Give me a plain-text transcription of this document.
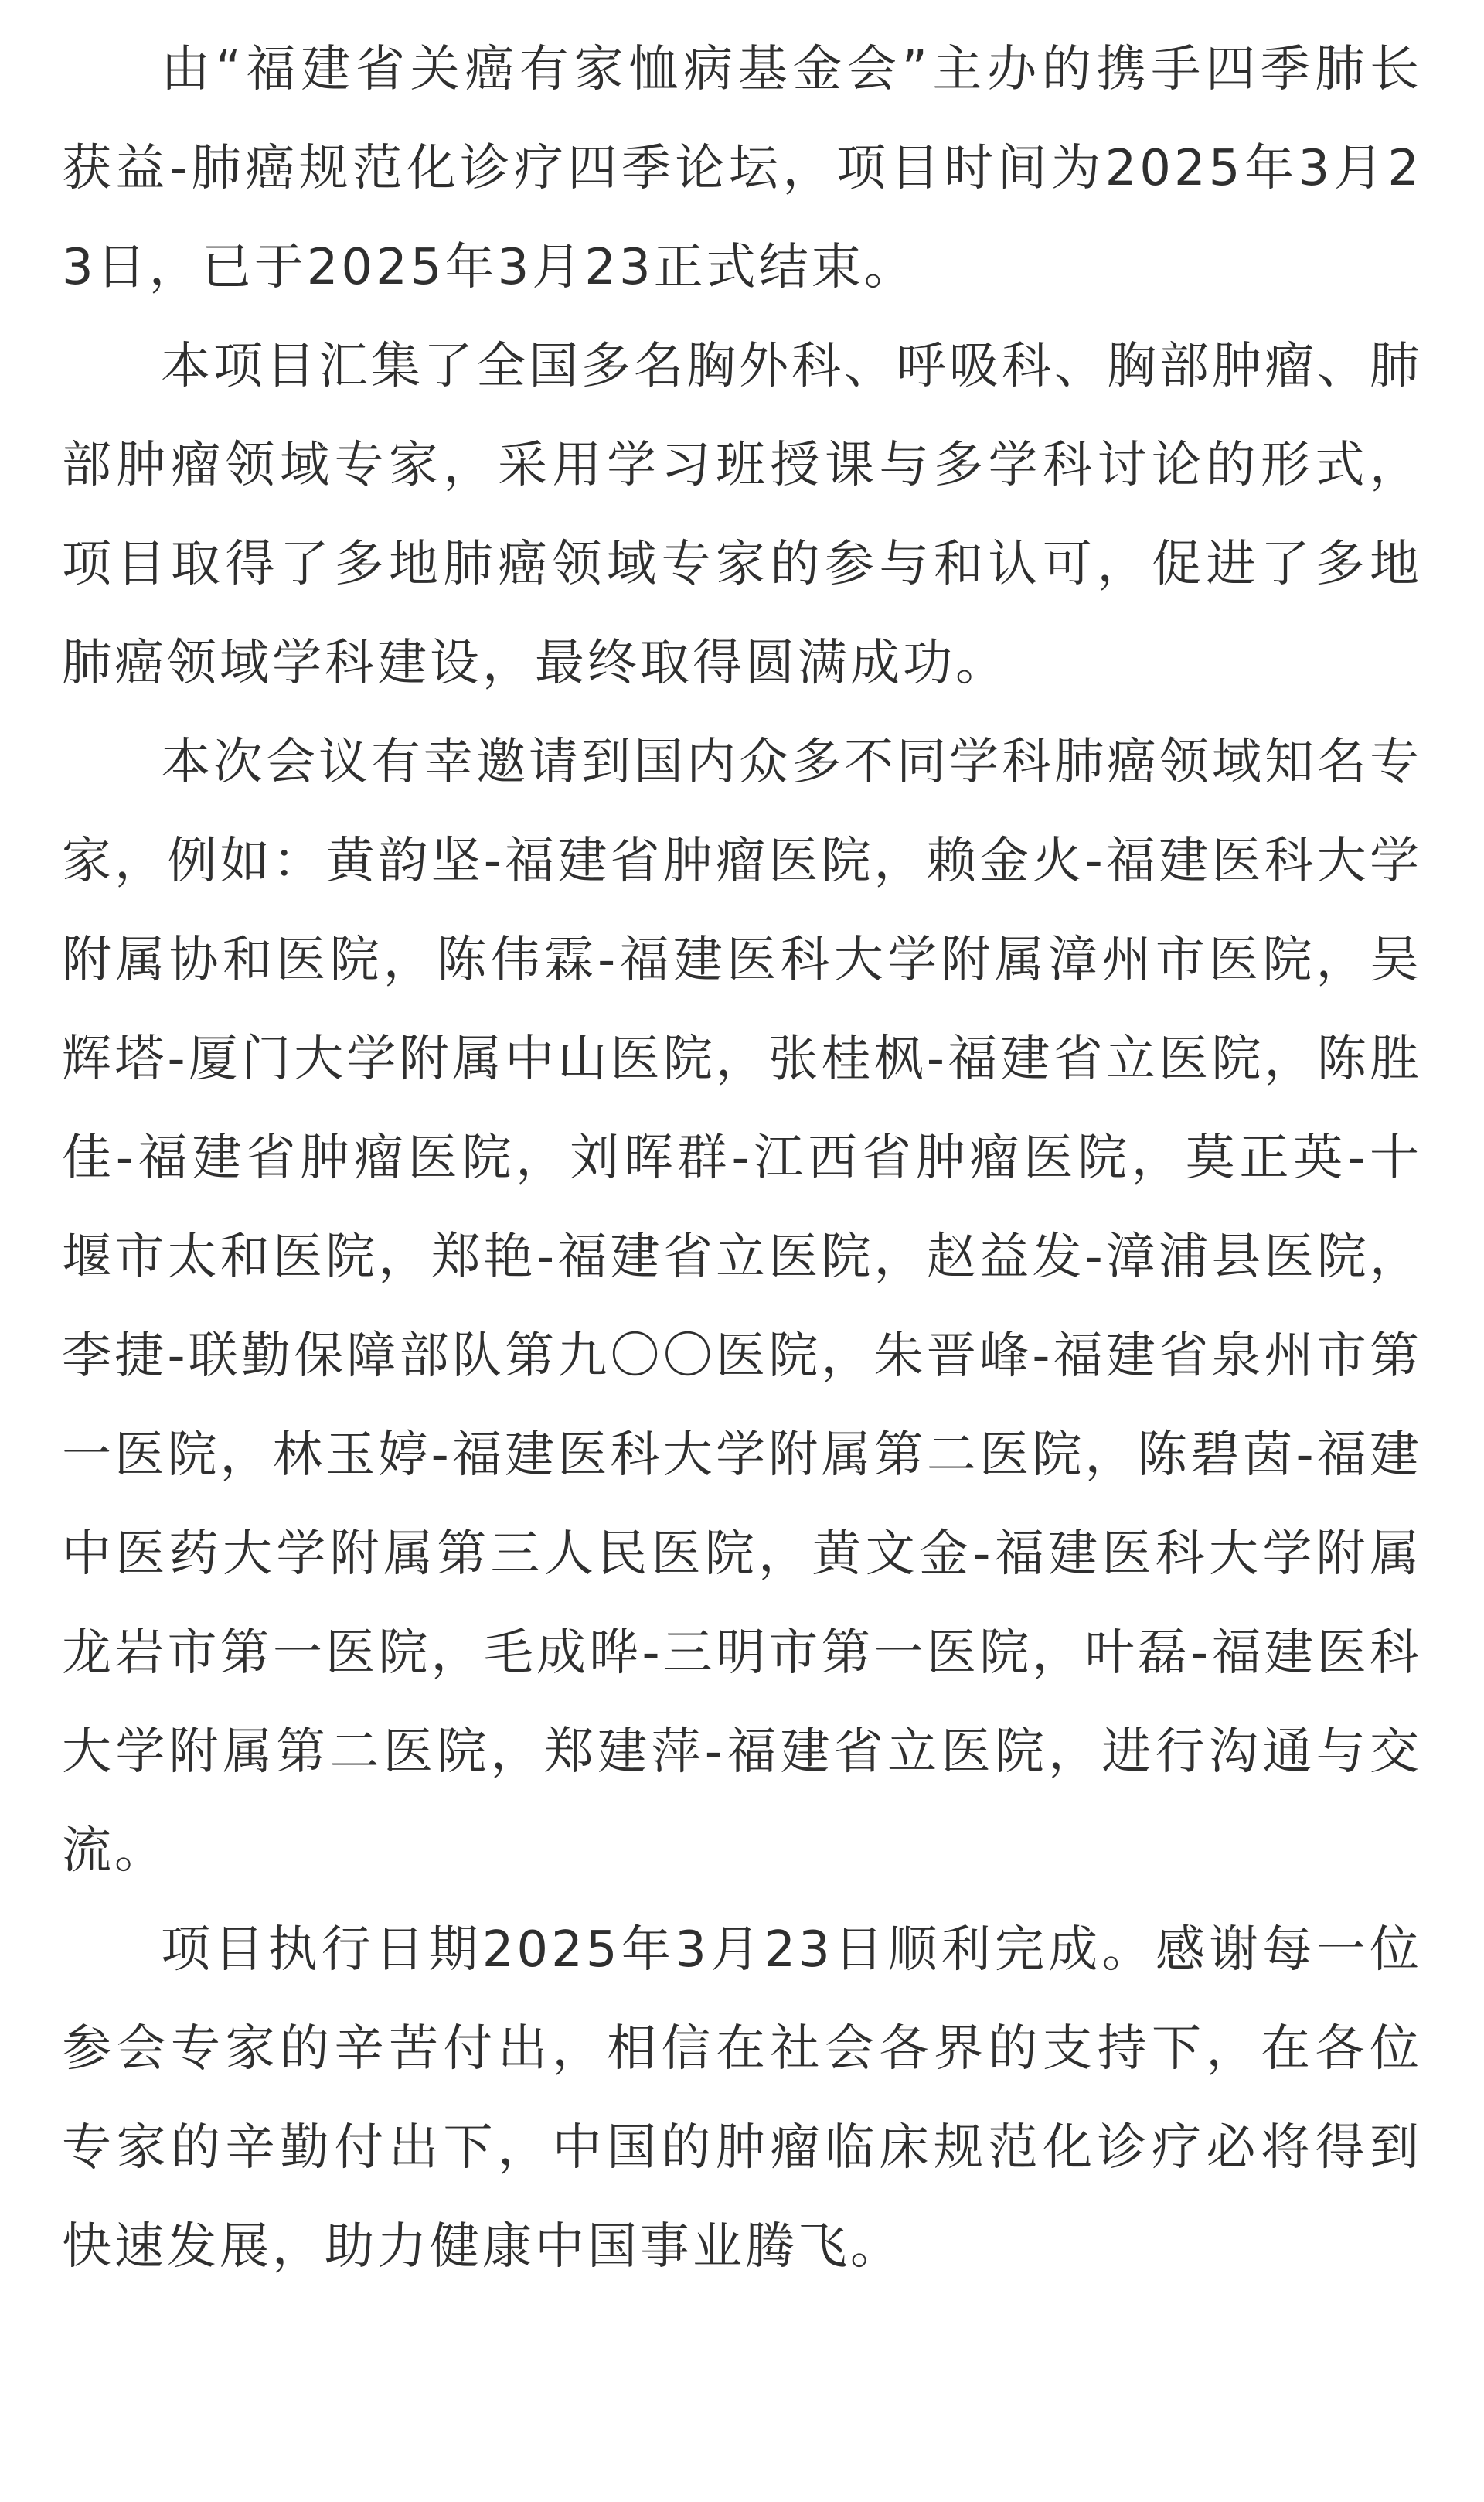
由“福建省关癌有家恤病基金会”主办的携手四季肺长获益-肺癌规范化诊疗四季论坛，项目时间为2025年3月23日，已于2025年3月23正式结束。

本项目汇集了全国多名胸外科、呼吸科、胸部肿瘤、肺部肿瘤领域专家，采用学习班授课与多学科讨论的形式，项目取得了多地肺癌领域专家的参与和认可，促进了多地肺癌领域学科建设，最终取得圆满成功。

本次会议有幸邀请到国内众多不同学科肺癌领域知名专家，例如：黄韵坚-福建省肿瘤医院，赖金火-福建医科大学附属协和医院，陈伟霖-福建医科大学附属漳州市医院，吴辉塔-厦门大学附属中山医院，张桂枫-福建省立医院，陈胜佳-福建省肿瘤医院，刘晖群-江西省肿瘤医院，莫正英-十堰市太和医院，郑艳-福建省立医院，赵益发-漳浦县医院，李捷-联勤保障部队第九〇〇医院，朱晋峰-福建省泉州市第一医院，林玉婷-福建医科大学附属第二医院，陈碧茵-福建中医药大学附属第三人民医院，黄文金-福建医科大学附属龙岩市第一医院，毛成晔-三明市第一医院，叶磊-福建医科大学附属第二医院，郑建萍-福建省立医院，进行沟通与交流。

项目执行日期2025年3月23日顺利完成。感谢每一位参会专家的辛苦付出，相信在社会各界的支持下，在各位专家的辛勤付出下，中国的肿瘤临床规范化诊疗必将得到快速发展，助力健康中国事业腾飞。
